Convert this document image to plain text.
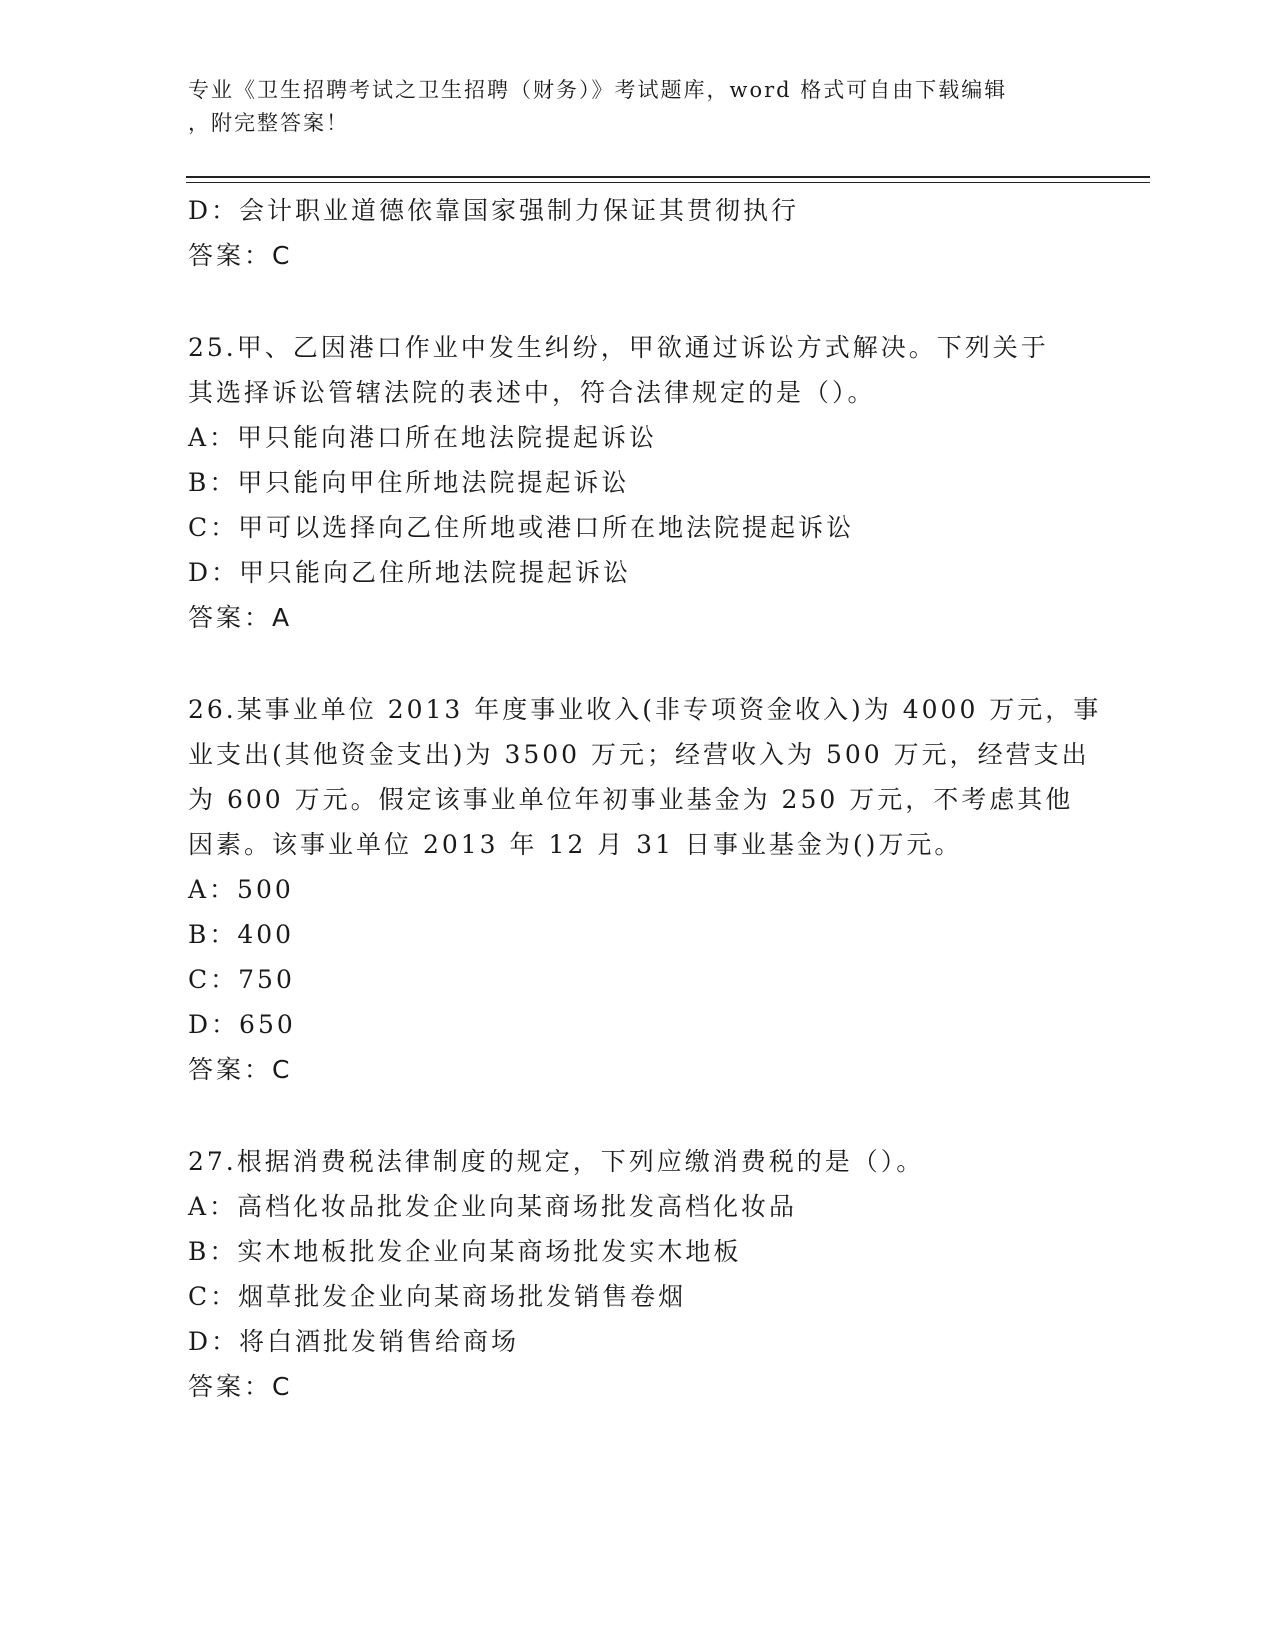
专业《卫生招聘考试之卫生招聘（财务）》考试题库，word 格式可自由下载编辑
，附完整答案！

D：会计职业道德依靠国家强制力保证其贯彻执行

答案：C

25.甲、乙因港口作业中发生纠纷，甲欲通过诉讼方式解决。下列关于

其选择诉讼管辖法院的表述中，符合法律规定的是（）。

A：甲只能向港口所在地法院提起诉讼

B：甲只能向甲住所地法院提起诉讼

C：甲可以选择向乙住所地或港口所在地法院提起诉讼

D：甲只能向乙住所地法院提起诉讼

答案：A

26.某事业单位 2013 年度事业收入(非专项资金收入)为 4000 万元，事

业支出(其他资金支出)为 3500 万元；经营收入为 500 万元，经营支出

为 600 万元。假定该事业单位年初事业基金为 250 万元，不考虑其他

因素。该事业单位 2013 年 12 月 31 日事业基金为()万元。

A：500

B：400

C：750

D：650

答案：C

27.根据消费税法律制度的规定，下列应缴消费税的是（）。

A：高档化妆品批发企业向某商场批发高档化妆品

B：实木地板批发企业向某商场批发实木地板

C：烟草批发企业向某商场批发销售卷烟

D：将白酒批发销售给商场

答案：C
